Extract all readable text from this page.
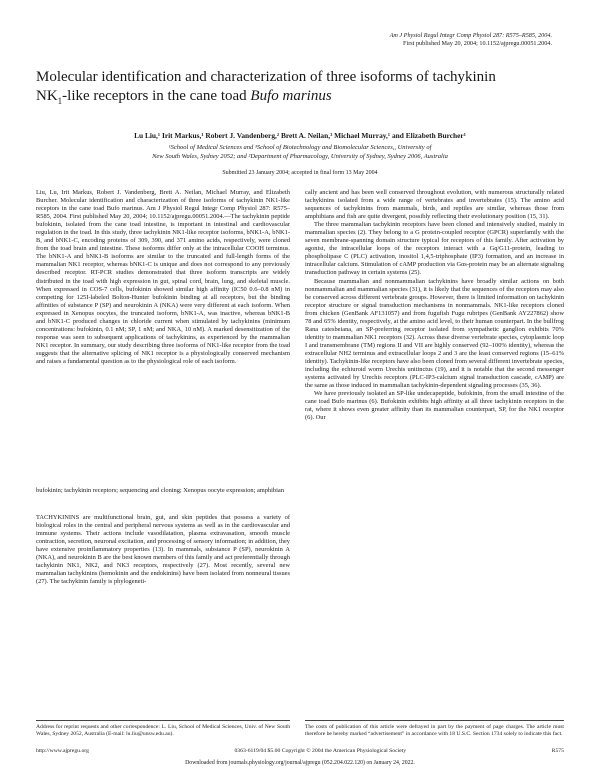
Am J Physiol Regul Integr Comp Physiol 287: R575–R585, 2004.
First published May 20, 2004; 10.1152/ajpregu.00051.2004.
Molecular identification and characterization of three isoforms of tachykinin
$NK_1$-like receptors in the cane toad Bufo marinus
Lu Liu,¹ Irit Markus,¹ Robert J. Vandenberg,² Brett A. Neilan,³ Michael Murray,¹ and Elizabeth Burcher¹
¹School of Medical Sciences and ³School of Biotechnology and Biomolecular Sciences,, University of
New South Wales, Sydney 2052; and ²Department of Pharmacology, University of Sydney, Sydney 2006, Australia
Submitted 23 January 2004; accepted in final form 13 May 2004

Liu, Lu, Irit Markus, Robert J. Vandenberg, Brett A. Neilan, Michael Murray, and Elizabeth Burcher. Molecular identification and characterization of three isoforms of tachykinin NK1-like receptors in the cane toad Bufo marinus. Am J Physiol Regul Integr Comp Physiol 287: R575–R585, 2004. First published May 20, 2004; 10.1152/ajpregu.00051.2004.—The tachykinin peptide bufokinin, isolated from the cane toad intestine, is important in intestinal and cardiovascular regulation in the toad. In this study, three tachykinin NK1-like receptor isoforms, bNK1-A, bNK1-B, and bNK1-C, encoding proteins of 309, 390, and 371 amino acids, respectively, were cloned from the toad brain and intestine. These isoforms differ only at the intracellular COOH terminus. The bNK1-A and bNK1-B isoforms are similar to the truncated and full-length forms of the mammalian NK1 receptor, whereas bNK1-C is unique and does not correspond to any previously described receptor. RT-PCR studies demonstrated that three isoform transcripts are widely distributed in the toad with high expression in gut, spinal cord, brain, lung, and skeletal muscle. When expressed in COS-7 cells, bufokinin showed similar high affinity (IC50 0.6–0.8 nM) in competing for 125I-labeled Bolton-Hunter bufokinin binding at all receptors, but the binding affinities of substance P (SP) and neurokinin A (NKA) were very different at each isoform. When expressed in Xenopus oocytes, the truncated isoform, bNK1-A, was inactive, whereas bNK1-B and bNK1-C produced changes in chloride current when stimulated by tachykinins (minimum concentrations: bufokinin, 0.1 nM; SP, 1 nM; and NKA, 10 nM). A marked desensitization of the response was seen to subsequent applications of tachykinins, as experienced by the mammalian NK1 receptor. In summary, our study describing three isoforms of NK1-like receptor from the toad suggests that the alternative splicing of NK1 receptor is a physiologically conserved mechanism and raises a fundamental question as to the physiological role of each isoform.

bufokinin; tachykinin receptors; sequencing and cloning; Xenopus oocyte expression; amphibian

TACHYKININS are multifunctional brain, gut, and skin peptides that possess a variety of biological roles in the central and peripheral nervous systems as well as in the cardiovascular and immune systems. Their actions include vasodilatation, plasma extravasation, smooth muscle contraction, secretion, neuronal excitation, and processing of sensory information; in addition, they have extensive proinflammatory properties (13). In mammals, substance P (SP), neurokinin A (NKA), and neurokinin B are the best known members of this family and act preferentially through tachykinin NK1, NK2, and NK3 receptors, respectively (27). Most recently, several new mammalian tachykinins (hemokinin and the endokinins) have been isolated from nonneural tissues (27). The tachykinin family is phylogeneti-

cally ancient and has been well conserved throughout evolution, with numerous structurally related tachykinins isolated from a wide range of vertebrates and invertebrates (15). The amino acid sequences of tachykinins from mammals, birds, and reptiles are similar, whereas those from amphibians and fish are quite divergent, possibly reflecting their evolutionary position (15, 31).

The three mammalian tachykinin receptors have been cloned and intensively studied, mainly in mammalian species (2). They belong to a G protein-coupled receptor (GPCR) superfamily with the seven membrane-spanning domain structure typical for receptors of this family. After activation by agonist, the intracellular loops of the receptors interact with a Gq/G11-protein, leading to phospholipase C (PLC) activation, inositol 1,4,5-triphosphate (IP3) formation, and an increase in intracellular calcium. Stimulation of cAMP production via Gαs-protein may be an alternate signaling transduction pathway in certain systems (25).

Because mammalian and nonmammalian tachykinins have broadly similar actions on both nonmammalian and mammalian species (31), it is likely that the sequences of the receptors may also be conserved across different vertebrate groups. However, there is limited information on tachykinin receptor structure or signal transduction mechanisms in nonmammals. NK1-like receptors cloned from chicken (GenBank AF131057) and from fugufish Fugu rubripes (GenBank AY227862) show 78 and 65% identity, respectively, at the amino acid level, to their human counterpart. In the bullfrog Rana catesbeiana, an SP-preferring receptor isolated from sympathetic ganglion exhibits 70% identity to mammalian NK1 receptors (32). Across these diverse vertebrate species, cytoplasmic loop I and transmembrane (TM) regions II and VII are highly conserved (92–100% identity), whereas the extracellular NH2 terminus and extracellular loops 2 and 3 are the least conserved regions (15–61% identity). Tachykinin-like receptors have also been cloned from several different invertebrate species, including the echiuroid worm Urechis unitinctus (19), and it is notable that the second messenger systems activated by Urechis receptors (PLC-IP3-calcium signal transduction cascade, cAMP) are the same as those induced in mammalian tachykinin-dependent signaling processes (35, 36).

We have previously isolated an SP-like undecapeptide, bufokinin, from the small intestine of the cane toad Bufo marinus (6). Bufokinin exhibits high affinity at all three tachykinin receptors in the rat, where it shows even greater affinity than its mammalian counterpart, SP, for the NK1 receptor (6). Our

Address for reprint requests and other correspondence: L. Liu, School of Medical Sciences, Univ. of New South Wales, Sydney 2052, Australia (E-mail: lu.liu@unsw.edu.au).
The costs of publication of this article were defrayed in part by the payment of page charges. The article must therefore be hereby marked “advertisement” in accordance with 18 U.S.C. Section 1734 solely to indicate this fact.
http://www.ajpregu.org	0363-6119/04 $5.00 Copyright © 2004 the American Physiological Society	R575
Downloaded from journals.physiology.org/journal/ajpregu (052.204.022.120) on January 24, 2022.
